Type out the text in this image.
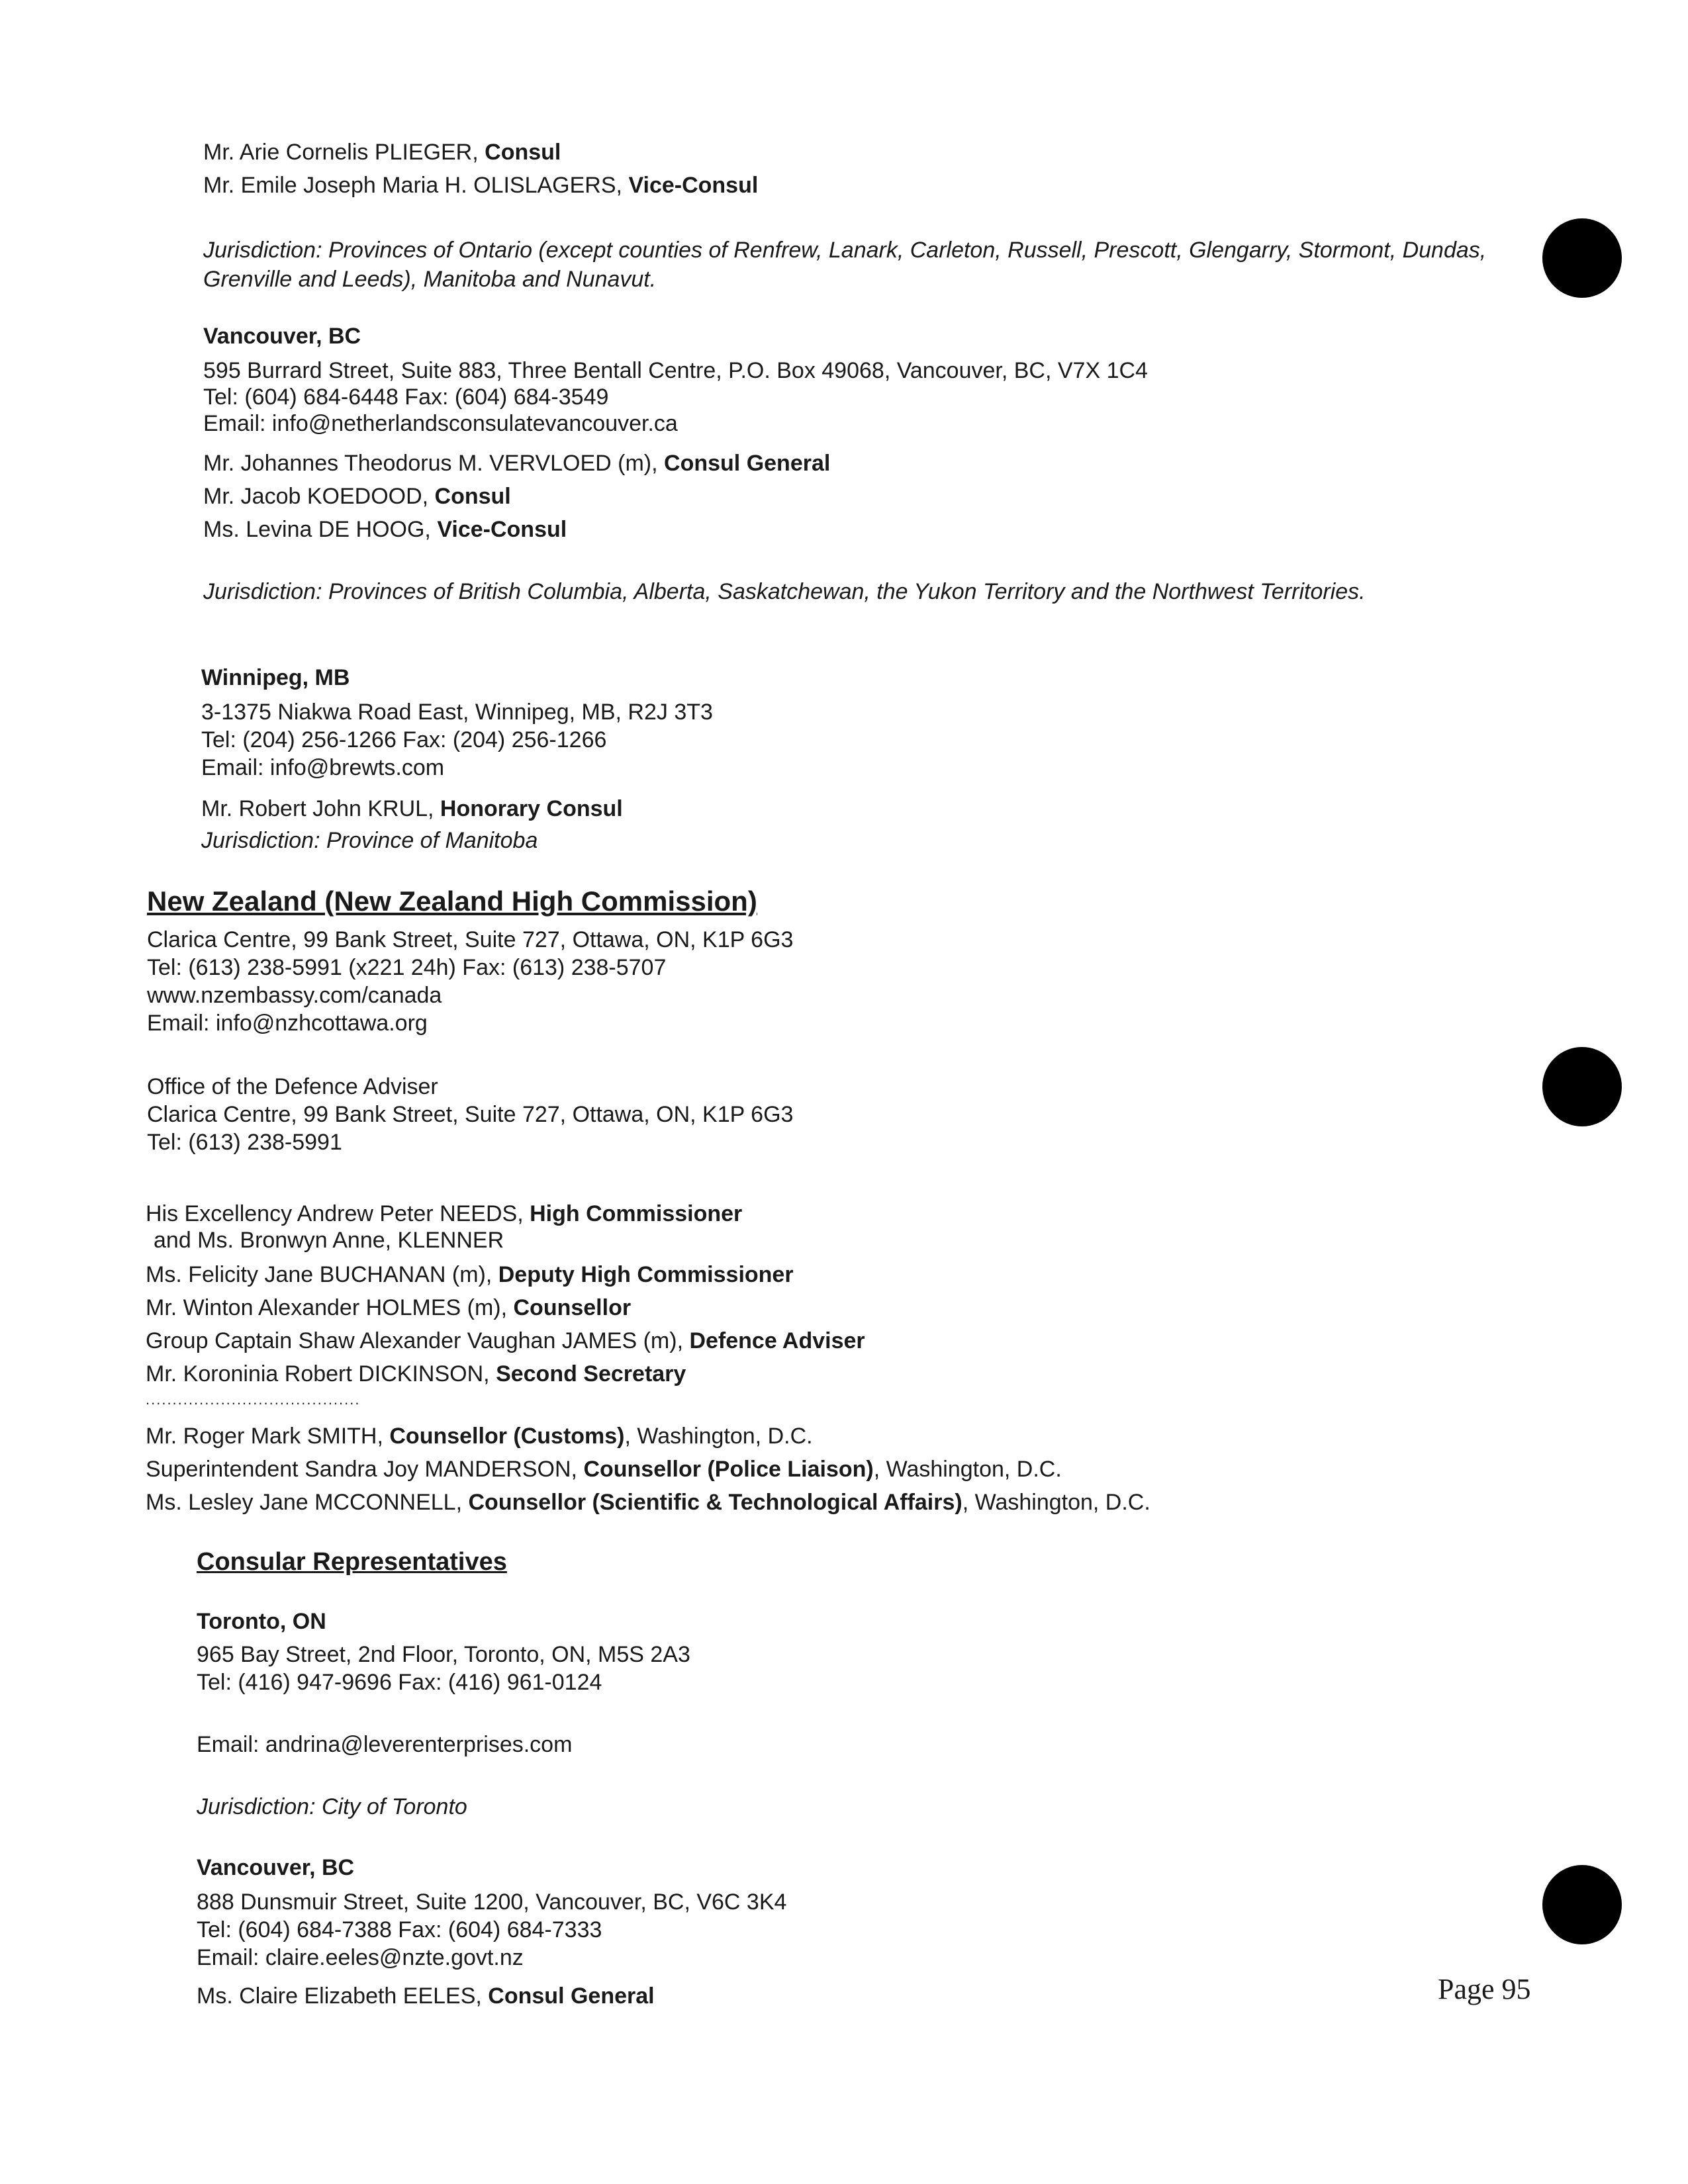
Mr. Arie Cornelis PLIEGER, Consul
Mr. Emile Joseph Maria H. OLISLAGERS, Vice-Consul
Jurisdiction: Provinces of Ontario (except counties of Renfrew, Lanark, Carleton, Russell, Prescott, Glengarry, Stormont, Dundas, Grenville and Leeds), Manitoba and Nunavut.
Vancouver, BC
595 Burrard Street, Suite 883, Three Bentall Centre, P.O. Box 49068, Vancouver, BC, V7X 1C4
Tel: (604) 684-6448 Fax: (604) 684-3549
Email: info@netherlandsconsulatevancouver.ca
Mr. Johannes Theodorus M. VERVLOED (m), Consul General
Mr. Jacob KOEDOOD, Consul
Ms. Levina DE HOOG, Vice-Consul
Jurisdiction: Provinces of British Columbia, Alberta, Saskatchewan, the Yukon Territory and the Northwest Territories.
Winnipeg, MB
3-1375 Niakwa Road East, Winnipeg, MB, R2J 3T3
Tel: (204) 256-1266 Fax: (204) 256-1266
Email: info@brewts.com
Mr. Robert John KRUL, Honorary Consul
Jurisdiction: Province of Manitoba
New Zealand (New Zealand High Commission)
Clarica Centre, 99 Bank Street, Suite 727, Ottawa, ON, K1P 6G3
Tel: (613) 238-5991 (x221 24h) Fax: (613) 238-5707
www.nzembassy.com/canada
Email: info@nzhcottawa.org
Office of the Defence Adviser
Clarica Centre, 99 Bank Street, Suite 727, Ottawa, ON, K1P 6G3
Tel: (613) 238-5991
His Excellency Andrew Peter NEEDS, High Commissioner
and Ms. Bronwyn Anne, KLENNER
Ms. Felicity Jane BUCHANAN (m), Deputy High Commissioner
Mr. Winton Alexander HOLMES (m), Counsellor
Group Captain Shaw Alexander Vaughan JAMES (m), Defence Adviser
Mr. Koroninia Robert DICKINSON, Second Secretary
........................................
Mr. Roger Mark SMITH, Counsellor (Customs), Washington, D.C.
Superintendent Sandra Joy MANDERSON, Counsellor (Police Liaison), Washington, D.C.
Ms. Lesley Jane MCCONNELL, Counsellor (Scientific & Technological Affairs), Washington, D.C.
Consular Representatives
Toronto, ON
965 Bay Street, 2nd Floor, Toronto, ON, M5S 2A3
Tel: (416) 947-9696 Fax: (416) 961-0124
Email: andrina@leverenterprises.com
Jurisdiction: City of Toronto
Vancouver, BC
888 Dunsmuir Street, Suite 1200, Vancouver, BC, V6C 3K4
Tel: (604) 684-7388 Fax: (604) 684-7333
Email: claire.eeles@nzte.govt.nz
Ms. Claire Elizabeth EELES, Consul General	Page 95
